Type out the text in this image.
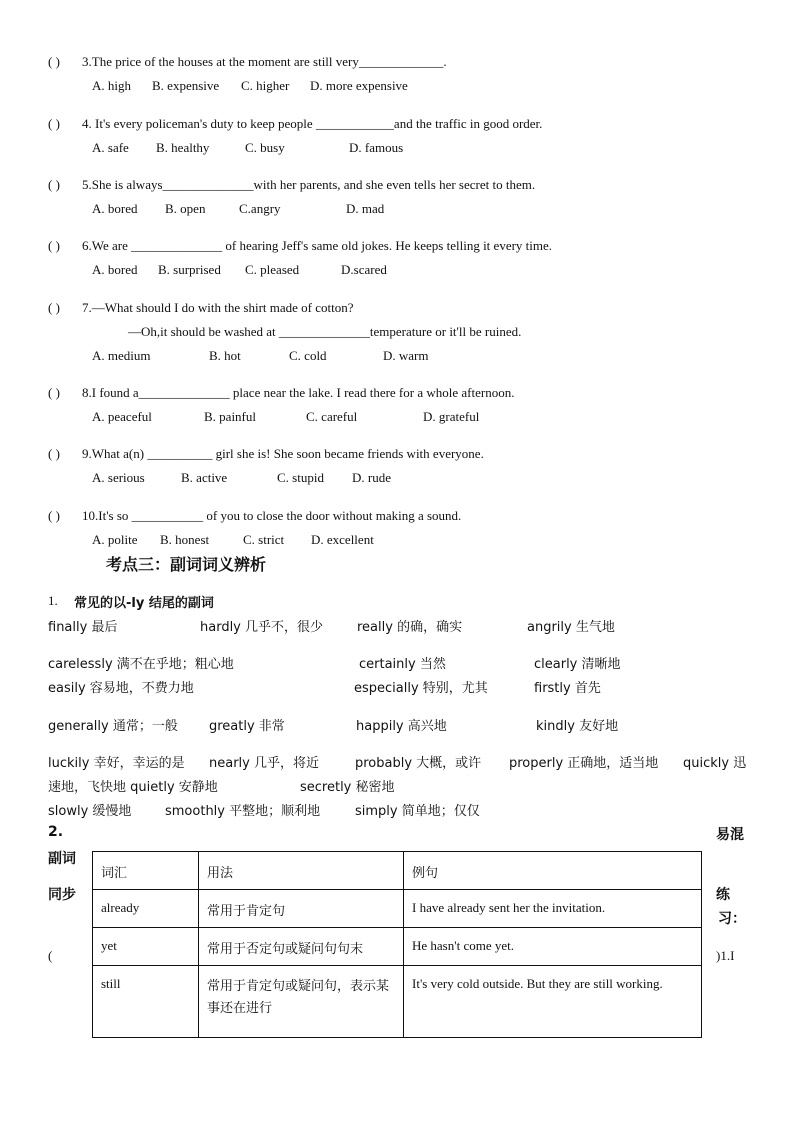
( ) 3.The price of the houses at the moment are still very_____________.
A. high B. expensive C. higher D. more expensive
( ) 4. It's every policeman's duty to keep people ____________and the traffic in good order.
A. safe B. healthy	C. busy	D. famous
( ) 5.She is always______________with her parents, and she even tells her secret to them.
A. bored B. open	C.angry	D. mad
( ) 6.We are ______________ of hearing Jeff's same old jokes. He keeps telling it every time.
A. bored B. surprised C. pleased	D.scared
( ) 7.—What should I do with the shirt made of cotton?
—Oh,it should be washed at ______________temperature or it'll be ruined.
A. medium	B. hot	C. cold	D. warm
( ) 8.I found a______________ place near the lake. I read there for a whole afternoon.
A. peaceful	B. painful	C. careful	D. grateful
( ) 9.What a(n) __________ girl she is! She soon became friends with everyone.
A. serious	B. active	C. stupid D. rude
( ) 10.It's so ___________ of you to close the door without making a sound.
A. polite B. honest	C. strict D. excellent
考点三：副词词义辨析
1. 常见的以-ly 结尾的副词
finally 最后	hardly 几乎不，很少	really 的确，确实	angrily 生气地
carelessly 满不在乎地；粗心地	certainly 当然	clearly 清晰地
easily 容易地，不费力地	especially 特别，尤其	firstly 首先
generally 通常；一般 greatly 非常	happily 高兴地	kindly 友好地
luckily 幸好，幸运的是 nearly 几乎，将近	probably 大概，或许 properly 正确地，适当地 quickly 迅
速地，飞快地 quietly 安静地	secretly 秘密地
slowly 缓慢地	smoothly 平整地；顺利地	simply 简单地；仅仅
2.
副词
同步
(
易混
练
习：
)1.I
词汇	用法	例句
already	常用于肯定句	I have already sent her the invitation.
yet	常用于否定句或疑问句句末	He hasn't come yet.
still	常用于肯定句或疑问句，表示某事还在进行	It's very cold outside. But they are still working.
